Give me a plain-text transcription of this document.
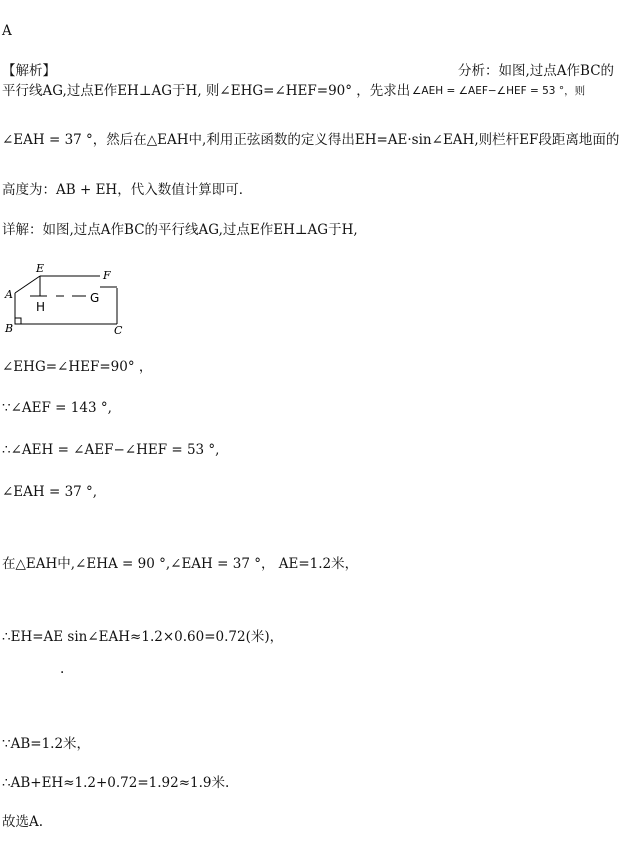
A
【解析】	分析：如图,过点A作BC的
平行线AG,过点E作EH⊥AG于H, 则∠EHG=∠HEF=90° ，先求出 ∠AEH = ∠AEF−∠HEF = 53 °，则
∠EAH = 37 °，然后在△EAH中,利用正弦函数的定义得出EH=AE·sin∠EAH,则栏杆EF段距离地面的
高度为：AB + EH，代入数值计算即可．
详解：如图,过点A作BC的平行线AG,过点E作EH⊥AG于H,
E
F
A
H
G
B	C
∠EHG=∠HEF=90° ，
∵∠AEF = 143 °,
∴∠AEH = ∠AEF−∠HEF = 53 °,
∠EAH = 37 °,
在△EAH中,∠EHA = 90 °,∠EAH = 37 °， AE=1.2米，
∴EH=AE sin∠EAH≈1.2×0.60=0.72(米)，
.
∵AB=1.2米，
∴AB+EH≈1.2+0.72=1.92≈1.9米.
故选A.
